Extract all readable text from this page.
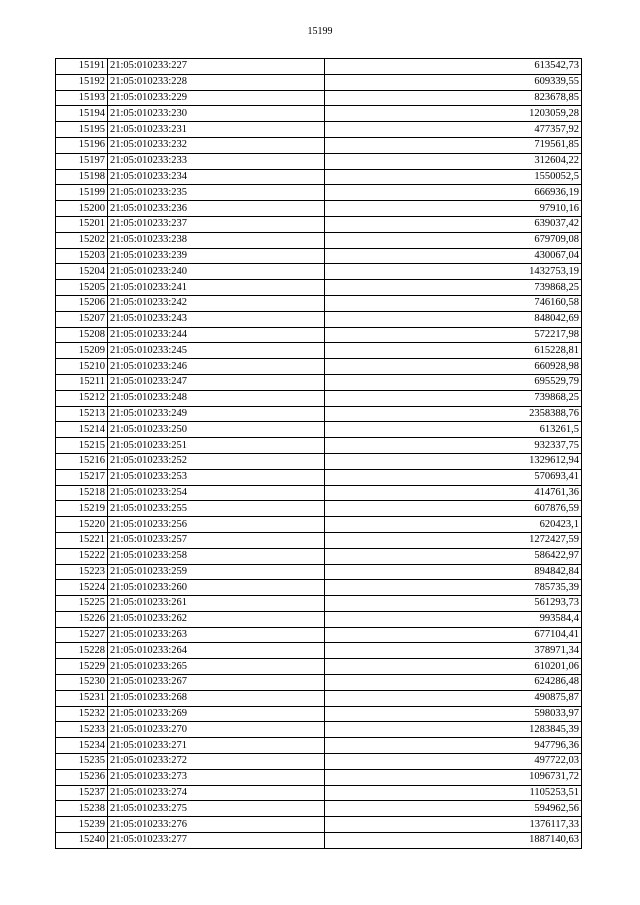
15199
15191	21:05:010233:227	613542,73
15192	21:05:010233:228	609339,55
15193	21:05:010233:229	823678,85
15194	21:05:010233:230	1203059,28
15195	21:05:010233:231	477357,92
15196	21:05:010233:232	719561,85
15197	21:05:010233:233	312604,22
15198	21:05:010233:234	1550052,5
15199	21:05:010233:235	666936,19
15200	21:05:010233:236	97910,16
15201	21:05:010233:237	639037,42
15202	21:05:010233:238	679709,08
15203	21:05:010233:239	430067,04
15204	21:05:010233:240	1432753,19
15205	21:05:010233:241	739868,25
15206	21:05:010233:242	746160,58
15207	21:05:010233:243	848042,69
15208	21:05:010233:244	572217,98
15209	21:05:010233:245	615228,81
15210	21:05:010233:246	660928,98
15211	21:05:010233:247	695529,79
15212	21:05:010233:248	739868,25
15213	21:05:010233:249	2358388,76
15214	21:05:010233:250	613261,5
15215	21:05:010233:251	932337,75
15216	21:05:010233:252	1329612,94
15217	21:05:010233:253	570693,41
15218	21:05:010233:254	414761,36
15219	21:05:010233:255	607876,59
15220	21:05:010233:256	620423,1
15221	21:05:010233:257	1272427,59
15222	21:05:010233:258	586422,97
15223	21:05:010233:259	894842,84
15224	21:05:010233:260	785735,39
15225	21:05:010233:261	561293,73
15226	21:05:010233:262	993584,4
15227	21:05:010233:263	677104,41
15228	21:05:010233:264	378971,34
15229	21:05:010233:265	610201,06
15230	21:05:010233:267	624286,48
15231	21:05:010233:268	490875,87
15232	21:05:010233:269	598033,97
15233	21:05:010233:270	1283845,39
15234	21:05:010233:271	947796,36
15235	21:05:010233:272	497722,03
15236	21:05:010233:273	1096731,72
15237	21:05:010233:274	1105253,51
15238	21:05:010233:275	594962,56
15239	21:05:010233:276	1376117,33
15240	21:05:010233:277	1887140,63
